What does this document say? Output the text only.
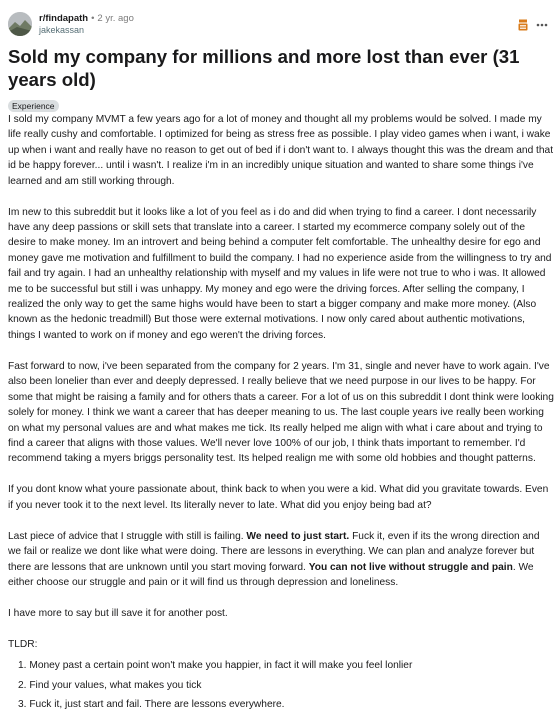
r/findapath • 2 yr. ago
jakekassan
Sold my company for millions and more lost than ever (31 years old)
Experience

I sold my company MVMT a few years ago for a lot of money and thought all my problems would be solved. I made my life really cushy and comfortable. I optimized for being as stress free as possible. I play video games when i want, i wake up when i want and really have no reason to get out of bed if i don't want to. I always thought this was the dream and that id be happy forever... until i wasn't. I realize i'm in an incredibly unique situation and wanted to share some things i've learned and am still working through.

Im new to this subreddit but it looks like a lot of you feel as i do and did when trying to find a career. I dont necessarily have any deep passions or skill sets that translate into a career. I started my ecommerce company solely out of the desire to make money. Im an introvert and being behind a computer felt comfortable. The unhealthy desire for ego and money gave me motivation and fulfillment to build the company. I had no experience aside from the willingness to try and fail and try again. I had an unhealthy relationship with myself and my values in life were not true to who i was. It allowed me to be successful but still i was unhappy. My money and ego were the driving forces. After selling the company, I realized the only way to get the same highs would have been to start a bigger company and make more money. (Also known as the hedonic treadmill) But those were external motivations. I now only cared about authentic motivations, things I wanted to work on if money and ego weren't the driving forces.

Fast forward to now, i've been separated from the company for 2 years. I'm 31, single and never have to work again. I've also been lonelier than ever and deeply depressed. I really believe that we need purpose in our lives to be happy. For some that might be raising a family and for others thats a career. For a lot of us on this subreddit I dont think were looking solely for money. I think we want a career that has deeper meaning to us. The last couple years ive really been working on what my personal values are and what makes me tick. Its really helped me align with what i care about and trying to find a career that aligns with those values. We'll never love 100% of our job, I think thats important to remember. I'd recommend taking a myers briggs personality test. Its helped realign me with some old hobbies and thought patterns.

If you dont know what youre passionate about, think back to when you were a kid. What did you gravitate towards. Even if you never took it to the next level. Its literally never to late. What did you enjoy being bad at?

Last piece of advice that I struggle with still is failing. We need to just start. Fuck it, even if its the wrong direction and we fail or realize we dont like what were doing. There are lessons in everything. We can plan and analyze forever but there are lessons that are unknown until you start moving forward. You can not live without struggle and pain. We either choose our struggle and pain or it will find us through depression and loneliness.

I have more to say but ill save it for another post.

TLDR:

1. Money past a certain point won't make you happier, in fact it will make you feel lonlier
2. Find your values, what makes you tick
3. Fuck it, just start and fail. There are lessons everywhere.
